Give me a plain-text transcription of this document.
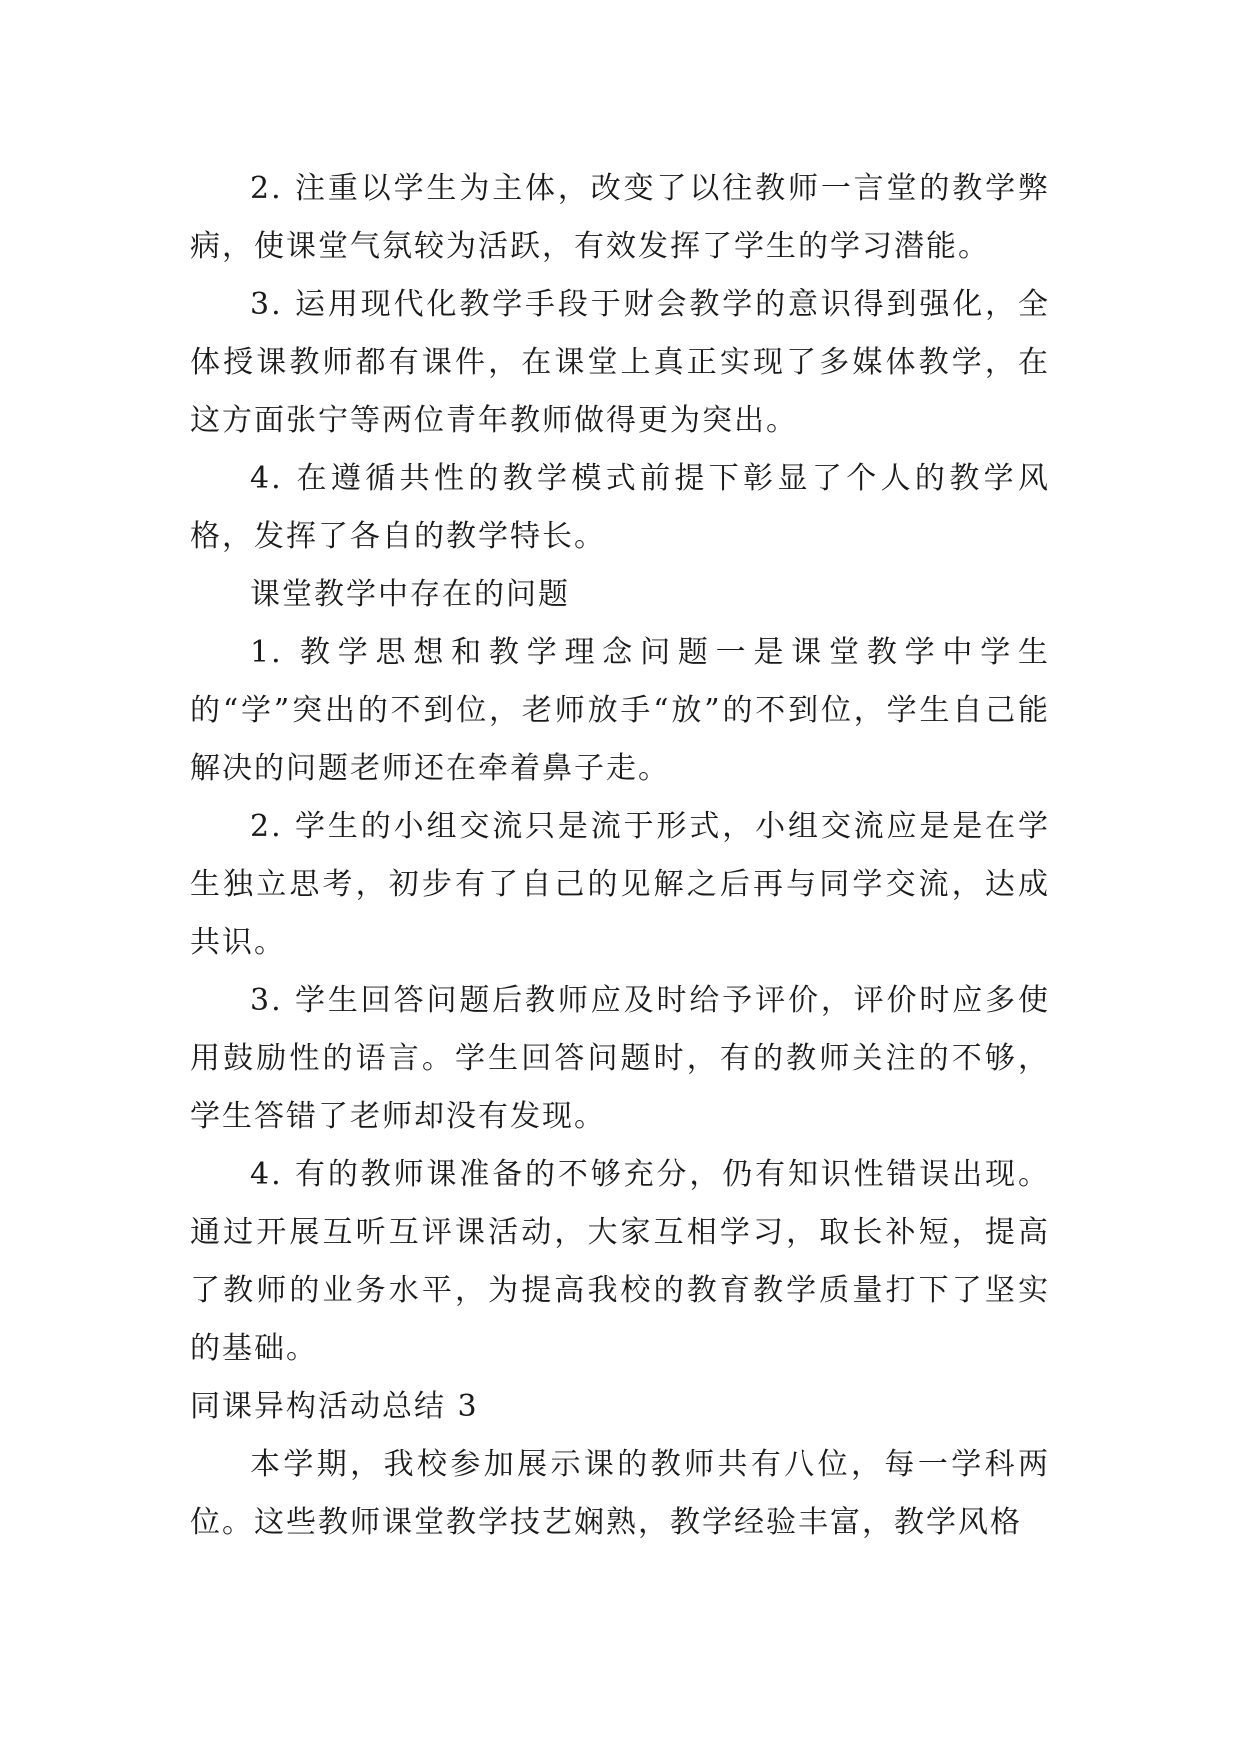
2. 注重以学生为主体，改变了以往教师一言堂的教学弊病，使课堂气氛较为活跃，有效发挥了学生的学习潜能。

3. 运用现代化教学手段于财会教学的意识得到强化，全体授课教师都有课件，在课堂上真正实现了多媒体教学，在这方面张宁等两位青年教师做得更为突出。

4. 在遵循共性的教学模式前提下彰显了个人的教学风格，发挥了各自的教学特长。

课堂教学中存在的问题

1. 教学思想和教学理念问题一是课堂教学中学生的“学”突出的不到位，老师放手“放”的不到位，学生自己能解决的问题老师还在牵着鼻子走。

2. 学生的小组交流只是流于形式，小组交流应是是在学生独立思考，初步有了自己的见解之后再与同学交流，达成共识。

3. 学生回答问题后教师应及时给予评价，评价时应多使用鼓励性的语言。学生回答问题时，有的教师关注的不够，学生答错了老师却没有发现。

4. 有的教师课准备的不够充分，仍有知识性错误出现。通过开展互听互评课活动，大家互相学习，取长补短，提高了教师的业务水平，为提高我校的教育教学质量打下了坚实的基础。

同课异构活动总结 3

本学期，我校参加展示课的教师共有八位，每一学科两位。这些教师课堂教学技艺娴熟，教学经验丰富，教学风格
